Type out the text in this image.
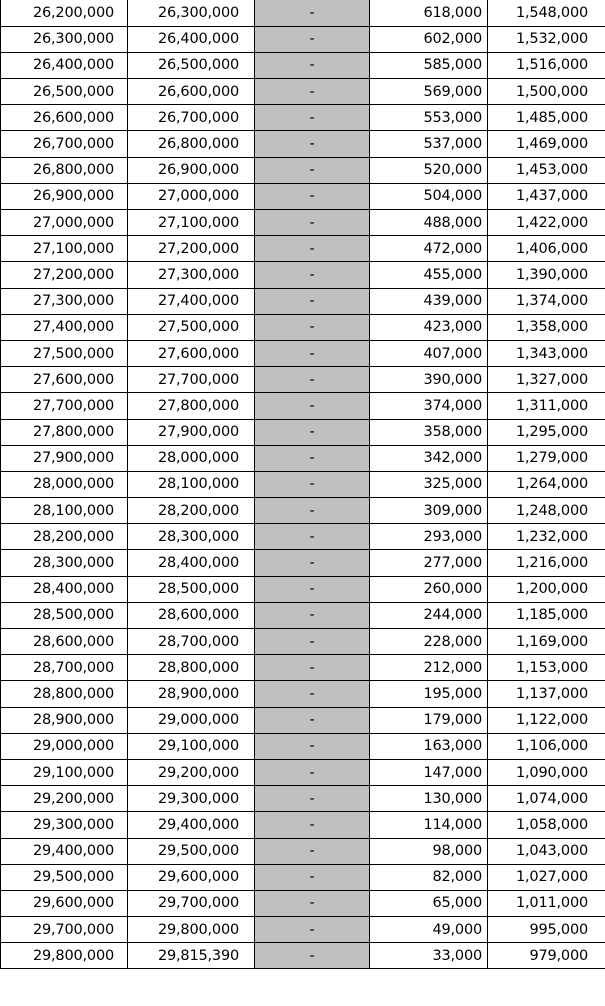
26,200,000	26,300,000	-	618,000	1,548,000
26,300,000	26,400,000	-	602,000	1,532,000
26,400,000	26,500,000	-	585,000	1,516,000
26,500,000	26,600,000	-	569,000	1,500,000
26,600,000	26,700,000	-	553,000	1,485,000
26,700,000	26,800,000	-	537,000	1,469,000
26,800,000	26,900,000	-	520,000	1,453,000
26,900,000	27,000,000	-	504,000	1,437,000
27,000,000	27,100,000	-	488,000	1,422,000
27,100,000	27,200,000	-	472,000	1,406,000
27,200,000	27,300,000	-	455,000	1,390,000
27,300,000	27,400,000	-	439,000	1,374,000
27,400,000	27,500,000	-	423,000	1,358,000
27,500,000	27,600,000	-	407,000	1,343,000
27,600,000	27,700,000	-	390,000	1,327,000
27,700,000	27,800,000	-	374,000	1,311,000
27,800,000	27,900,000	-	358,000	1,295,000
27,900,000	28,000,000	-	342,000	1,279,000
28,000,000	28,100,000	-	325,000	1,264,000
28,100,000	28,200,000	-	309,000	1,248,000
28,200,000	28,300,000	-	293,000	1,232,000
28,300,000	28,400,000	-	277,000	1,216,000
28,400,000	28,500,000	-	260,000	1,200,000
28,500,000	28,600,000	-	244,000	1,185,000
28,600,000	28,700,000	-	228,000	1,169,000
28,700,000	28,800,000	-	212,000	1,153,000
28,800,000	28,900,000	-	195,000	1,137,000
28,900,000	29,000,000	-	179,000	1,122,000
29,000,000	29,100,000	-	163,000	1,106,000
29,100,000	29,200,000	-	147,000	1,090,000
29,200,000	29,300,000	-	130,000	1,074,000
29,300,000	29,400,000	-	114,000	1,058,000
29,400,000	29,500,000	-	98,000	1,043,000
29,500,000	29,600,000	-	82,000	1,027,000
29,600,000	29,700,000	-	65,000	1,011,000
29,700,000	29,800,000	-	49,000	995,000
29,800,000	29,815,390	-	33,000	979,000
